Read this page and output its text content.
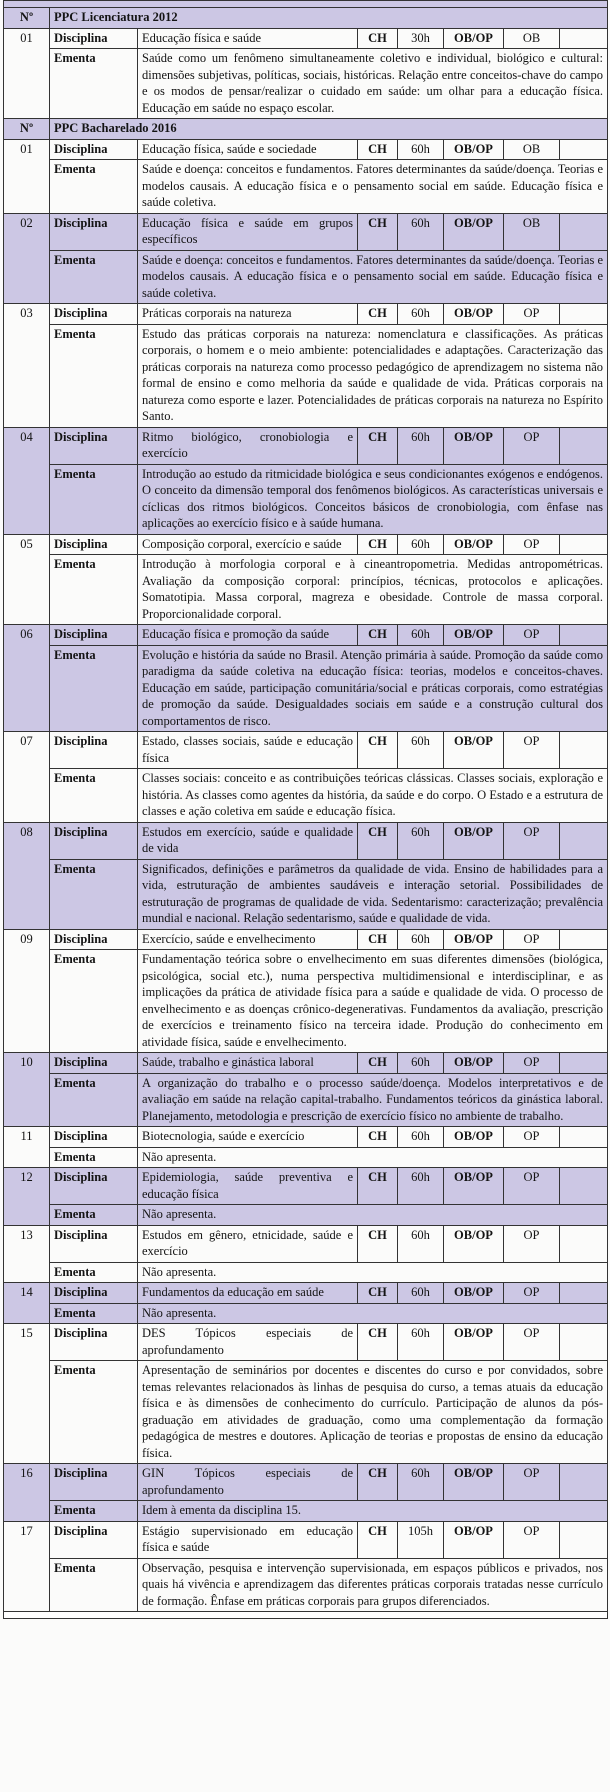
Nº	PPC Licenciatura 2012						
01	Disciplina	Educação física e saúde	CH	30h	OB/OP	OB	
	Ementa	Saúde como um fenômeno simultaneamente coletivo e individual, biológico e cultural: dimensões subjetivas, políticas, sociais, históricas. Relação entre conceitos-chave do campo e os modos de pensar/realizar o cuidado em saúde: um olhar para a educação física. Educação em saúde no espaço escolar.					
Nº	PPC Bacharelado 2016						
01	Disciplina	Educação física, saúde e sociedade	CH	60h	OB/OP	OB	
	Ementa	Saúde e doença: conceitos e fundamentos. Fatores determinantes da saúde/doença. Teorias e modelos causais. A educação física e o pensamento social em saúde. Educação física e saúde coletiva.					
02	Disciplina	Educação física e saúde em grupos específicos	CH	60h	OB/OP	OB	
	Ementa	Saúde e doença: conceitos e fundamentos. Fatores determinantes da saúde/doença. Teorias e modelos causais. A educação física e o pensamento social em saúde. Educação física e saúde coletiva.					
03	Disciplina	Práticas corporais na natureza	CH	60h	OB/OP	OP	
	Ementa	Estudo das práticas corporais na natureza: nomenclatura e classificações. As práticas corporais, o homem e o meio ambiente: potencialidades e adaptações. Caracterização das práticas corporais na natureza como processo pedagógico de aprendizagem no sistema não formal de ensino e como melhoria da saúde e qualidade de vida. Práticas corporais na natureza como esporte e lazer. Potencialidades de práticas corporais na natureza no Espírito Santo.					
04	Disciplina	Ritmo biológico, cronobiologia e exercício	CH	60h	OB/OP	OP	
	Ementa	Introdução ao estudo da ritmicidade biológica e seus condicionantes exógenos e endógenos. O conceito da dimensão temporal dos fenômenos biológicos. As características universais e cíclicas dos ritmos biológicos. Conceitos básicos de cronobiologia, com ênfase nas aplicações ao exercício físico e à saúde humana.					
05	Disciplina	Composição corporal, exercício e saúde	CH	60h	OB/OP	OP	
	Ementa	Introdução à morfologia corporal e à cineantropometria. Medidas antropométricas. Avaliação da composição corporal: princípios, técnicas, protocolos e aplicações. Somatotipia. Massa corporal, magreza e obesidade. Controle de massa corporal. Proporcionalidade corporal.					
06	Disciplina	Educação física e promoção da saúde	CH	60h	OB/OP	OP	
	Ementa	Evolução e história da saúde no Brasil. Atenção primária à saúde. Promoção da saúde como paradigma da saúde coletiva na educação física: teorias, modelos e conceitos-chaves. Educação em saúde, participação comunitária/social e práticas corporais, como estratégias de promoção da saúde. Desigualdades sociais em saúde e a construção cultural dos comportamentos de risco.					
07	Disciplina	Estado, classes sociais, saúde e educação física	CH	60h	OB/OP	OP	
	Ementa	Classes sociais: conceito e as contribuições teóricas clássicas. Classes sociais, exploração e história. As classes como agentes da história, da saúde e do corpo. O Estado e a estrutura de classes e ação coletiva em saúde e educação física.					
08	Disciplina	Estudos em exercício, saúde e qualidade de vida	CH	60h	OB/OP	OP	
	Ementa	Significados, definições e parâmetros da qualidade de vida. Ensino de habilidades para a vida, estruturação de ambientes saudáveis e interação setorial. Possibilidades de estruturação de programas de qualidade de vida. Sedentarismo: caracterização; prevalência mundial e nacional. Relação sedentarismo, saúde e qualidade de vida.					
09	Disciplina	Exercício, saúde e envelhecimento	CH	60h	OB/OP	OP	
	Ementa	Fundamentação teórica sobre o envelhecimento em suas diferentes dimensões (biológica, psicológica, social etc.), numa perspectiva multidimensional e interdisciplinar, e as implicações da prática de atividade física para a saúde e qualidade de vida. O processo de envelhecimento e as doenças crônico-degenerativas. Fundamentos da avaliação, prescrição de exercícios e treinamento físico na terceira idade. Produção do conhecimento em atividade física, saúde e envelhecimento.					
10	Disciplina	Saúde, trabalho e ginástica laboral	CH	60h	OB/OP	OP	
	Ementa	A organização do trabalho e o processo saúde/doença. Modelos interpretativos e de avaliação em saúde na relação capital-trabalho. Fundamentos teóricos da ginástica laboral. Planejamento, metodologia e prescrição de exercício físico no ambiente de trabalho.					
11	Disciplina	Biotecnologia, saúde e exercício	CH	60h	OB/OP	OP	
	Ementa	Não apresenta.					
12	Disciplina	Epidemiologia, saúde preventiva e educação física	CH	60h	OB/OP	OP	
	Ementa	Não apresenta.					
13	Disciplina	Estudos em gênero, etnicidade, saúde e exercício	CH	60h	OB/OP	OP	
	Ementa	Não apresenta.					
14	Disciplina	Fundamentos da educação em saúde	CH	60h	OB/OP	OP	
	Ementa	Não apresenta.					
15	Disciplina	DES Tópicos especiais de aprofundamento	CH	60h	OB/OP	OP	
	Ementa	Apresentação de seminários por docentes e discentes do curso e por convidados, sobre temas relevantes relacionados às linhas de pesquisa do curso, a temas atuais da educação física e às dimensões de conhecimento do currículo. Participação de alunos da pós-graduação em atividades de graduação, como uma complementação da formação pedagógica de mestres e doutores. Aplicação de teorias e propostas de ensino da educação física.					
16	Disciplina	GIN Tópicos especiais de aprofundamento	CH	60h	OB/OP	OP	
	Ementa	Idem à ementa da disciplina 15.					
17	Disciplina	Estágio supervisionado em educação física e saúde	CH	105h	OB/OP	OP	
	Ementa	Observação, pesquisa e intervenção supervisionada, em espaços públicos e privados, nos quais há vivência e aprendizagem das diferentes práticas corporais tratadas nesse currículo de formação. Ênfase em práticas corporais para grupos diferenciados.					
